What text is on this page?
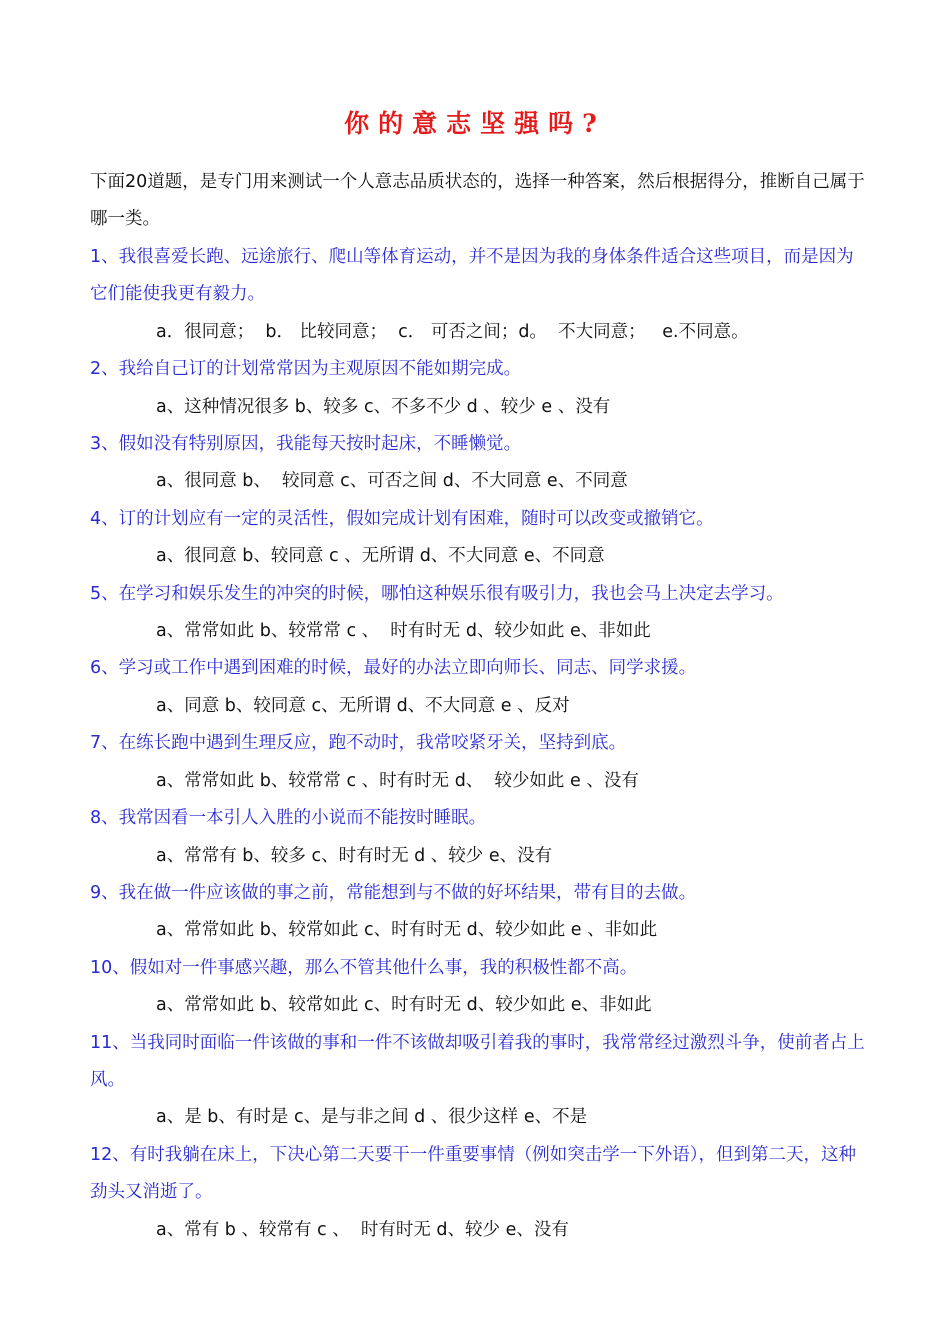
你的意志坚强吗?
下面20道题，是专门用来测试一个人意志品质状态的，选择一种答案，然后根据得分，推断自己属于哪一类。

1、我很喜爱长跑、远途旅行、爬山等体育运动，并不是因为我的身体条件适合这些项目，而是因为它们能使我更有毅力。

a．很同意；  b． 比较同意；  c． 可否之间；d。  不大同意；   e.不同意。

2、我给自己订的计划常常因为主观原因不能如期完成。

a、这种情况很多 b、较多 c、不多不少 d 、较少 e 、没有

3、假如没有特别原因，我能每天按时起床，不睡懒觉。

a、很同意 b、  较同意 c、可否之间 d、不大同意 e、不同意

4、订的计划应有一定的灵活性，假如完成计划有困难，随时可以改变或撤销它。

a、很同意 b、较同意 c 、无所谓 d、不大同意 e、不同意

5、在学习和娱乐发生的冲突的时候，哪怕这种娱乐很有吸引力，我也会马上决定去学习。

a、常常如此 b、较常常 c 、  时有时无 d、较少如此 e、非如此

6、学习或工作中遇到困难的时候，最好的办法立即向师长、同志、同学求援。

a、同意 b、较同意 c、无所谓 d、不大同意 e 、反对

7、在练长跑中遇到生理反应，跑不动时，我常咬紧牙关，坚持到底。

a、常常如此 b、较常常 c 、时有时无 d、  较少如此 e 、没有

8、我常因看一本引人入胜的小说而不能按时睡眠。

a、常常有 b、较多 c、时有时无 d 、较少 e、没有

9、我在做一件应该做的事之前，常能想到与不做的好坏结果，带有目的去做。

a、常常如此 b、较常如此 c、时有时无 d、较少如此 e 、非如此

10、假如对一件事感兴趣，那么不管其他什么事，我的积极性都不高。

a、常常如此 b、较常如此 c、时有时无 d、较少如此 e、非如此

11、当我同时面临一件该做的事和一件不该做却吸引着我的事时，我常常经过激烈斗争，使前者占上风。

a、是 b、有时是 c、是与非之间 d 、很少这样 e、不是

12、有时我躺在床上，下决心第二天要干一件重要事情（例如突击学一下外语），但到第二天，这种劲头又消逝了。

a、常有 b 、较常有 c 、  时有时无 d、较少 e、没有
